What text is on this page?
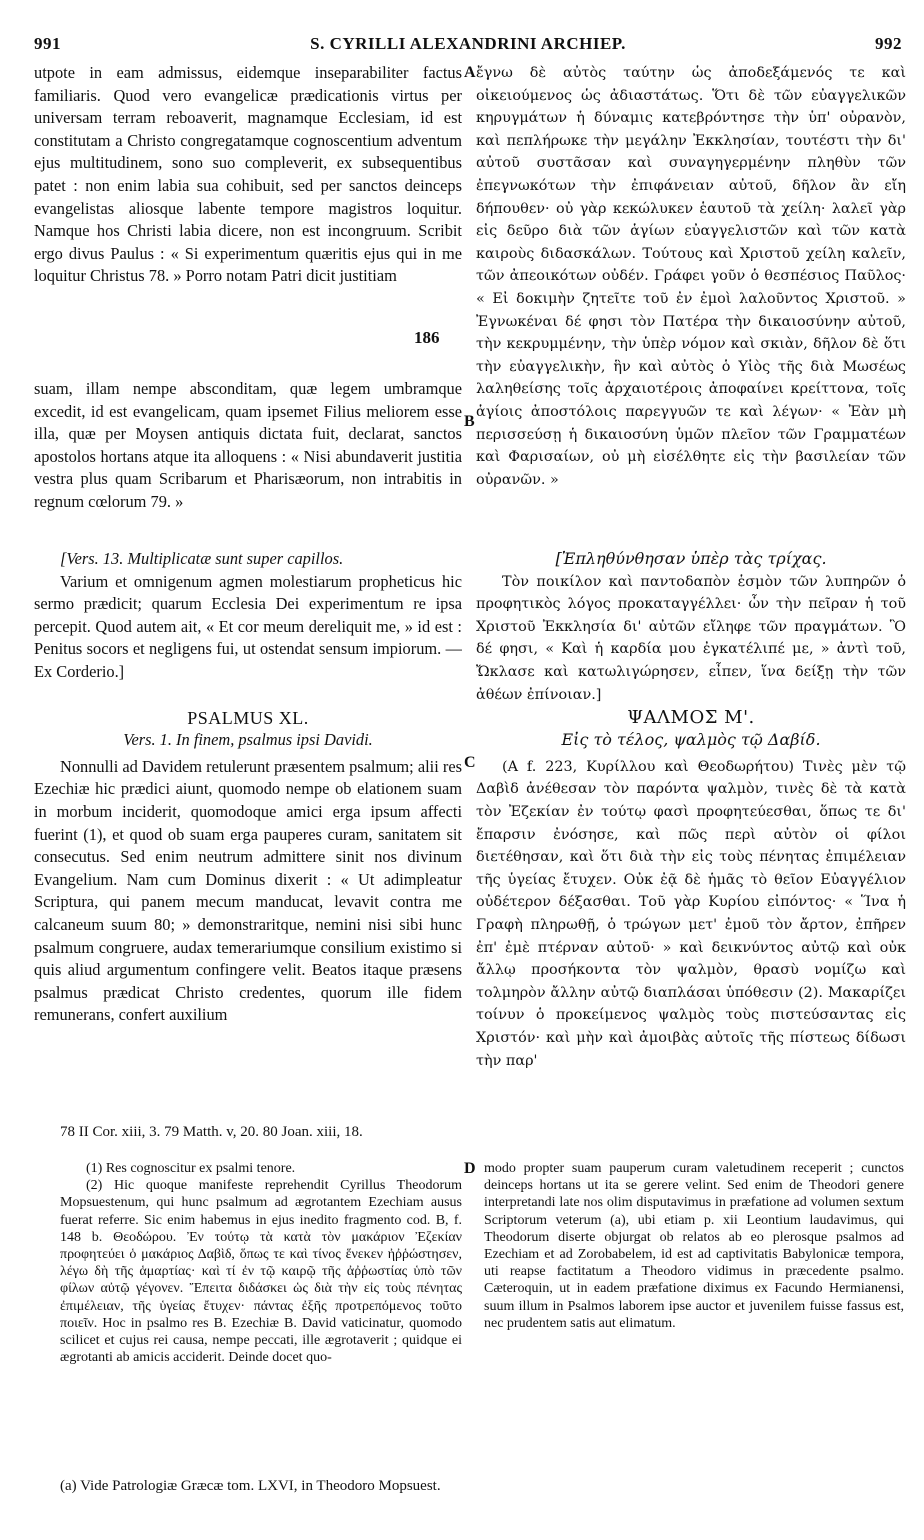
991	S. CYRILLI ALEXANDRINI ARCHIEP.	992

utpote in eam admissus, eidemque inseparabiliter factus familiaris. Quod vero evangelicæ prædicationis virtus per universam terram reboaverit, magnamque Ecclesiam, id est constitutam a Christo congregatamque cognoscentium adventum ejus multitudinem, sono suo compleverit, ex subsequentibus patet : non enim labia sua cohibuit, sed per sanctos deinceps evangelistas aliosque labente tempore magistros loquitur. Namque hos Christi labia dicere, non est incongruum. Scribit ergo divus Paulus : « Si experimentum quæritis ejus qui in me loquitur Christus 78. » Porro notam Patri dicit justitiam

suam, illam nempe absconditam, quæ legem umbramque excedit, id est evangelicam, quam ipsemet Filius meliorem esse illa, quæ per Moysen antiquis dictata fuit, declarat, sanctos apostolos hortans atque ita alloquens : « Nisi abundaverit justitia vestra plus quam Scribarum et Pharisæorum, non intrabitis in regnum cœlorum 79. »

[Vers. 13. Multiplicatæ sunt super capillos.

Varium et omnigenum agmen molestiarum propheticus hic sermo prædicit; quarum Ecclesia Dei experimentum re ipsa percepit. Quod autem ait, « Et cor meum dereliquit me, » id est : Penitus socors et negligens fui, ut ostendat sensum impiorum. — Ex Corderio.]

PSALMUS XL.

Vers. 1. In finem, psalmus ipsi Davidi.

Nonnulli ad Davidem retulerunt præsentem psalmum; alii res Ezechiæ hic prædici aiunt, quomodo nempe ob elationem suam in morbum inciderit, quomodoque amici erga ipsum affecti fuerint (1), et quod ob suam erga pauperes curam, sanitatem sit consecutus. Sed enim neutrum admittere sinit nos divinum Evangelium. Nam cum Dominus dixerit : « Ut adimpleatur Scriptura, qui panem mecum manducat, levavit contra me calcaneum suum 80; » demonstraritque, nemini nisi sibi hunc psalmum congruere, audax temerariumque consilium existimo si quis aliud argumentum confingere velit. Beatos itaque præsens psalmus prædicat Christo credentes, quorum ille fidem remunerans, confert auxilium

ἔγνω δὲ αὐτὸς ταύτην ὡς ἀποδεξάμενός τε καὶ οἰκειούμενος ὡς ἀδιαστάτως. Ὅτι δὲ τῶν εὐαγγελικῶν κηρυγμάτων ἡ δύναμις κατεβρόντησε τὴν ὑπ' οὐρανὸν, καὶ πεπλήρωκε τὴν μεγάλην Ἐκκλησίαν, τουτέστι τὴν δι' αὐτοῦ συστᾶσαν καὶ συναγηγερμένην πληθὺν τῶν ἐπεγνωκότων τὴν ἐπιφάνειαν αὐτοῦ, δῆλον ἂν εἴη δήπουθεν· οὐ γὰρ κεκώλυκεν ἑαυτοῦ τὰ χείλη· λαλεῖ γὰρ εἰς δεῦρο διὰ τῶν ἁγίων εὐαγγελιστῶν καὶ τῶν κατὰ καιροὺς διδασκάλων. Τούτους καὶ Χριστοῦ χείλη καλεῖν, τῶν ἀπεοικότων οὐδέν. Γράφει γοῦν ὁ θεσπέσιος Παῦλος· « Εἰ δοκιμὴν ζητεῖτε τοῦ ἐν ἐμοὶ λαλοῦντος Χριστοῦ. » Ἐγνωκέναι δέ φησι τὸν Πατέρα τὴν δικαιοσύνην αὐτοῦ, τὴν κεκρυμμένην, τὴν ὑπὲρ νόμον καὶ σκιὰν, δῆλον δὲ ὅτι τὴν εὐαγγελικὴν, ἣν καὶ αὐτὸς ὁ Υἱὸς τῆς διὰ Μωσέως λαληθείσης τοῖς ἀρχαιοτέροις ἀποφαίνει κρείττονα, τοῖς ἁγίοις ἀποστόλοις παρεγγυῶν τε καὶ λέγων· « Ἐὰν μὴ περισσεύσῃ ἡ δικαιοσύνη ὑμῶν πλεῖον τῶν Γραμματέων καὶ Φαρισαίων, οὐ μὴ εἰσέλθητε εἰς τὴν βασιλείαν τῶν οὐρανῶν. »

[Ἐπληθύνθησαν ὑπὲρ τὰς τρίχας.

Τὸν ποικίλον καὶ παντοδαπὸν ἑσμὸν τῶν λυπηρῶν ὁ προφητικὸς λόγος προκαταγγέλλει· ὧν τὴν πεῖραν ἡ τοῦ Χριστοῦ Ἐκκλησία δι' αὐτῶν εἴληφε τῶν πραγμάτων. Ὃ δέ φησι, « Καὶ ἡ καρδία μου ἐγκατέλιπέ με, » ἀντὶ τοῦ, Ὤκλασε καὶ κατωλιγώρησεν, εἶπεν, ἵνα δείξῃ τὴν τῶν ἀθέων ἐπίνοιαν.]

ΨΑΛΜΟΣ Μ'.

Εἰς τὸ τέλος, ψαλμὸς τῷ Δαβίδ.

(A f. 223, Κυρίλλου καὶ Θεοδωρήτου) Τινὲς μὲν τῷ Δαβὶδ ἀνέθεσαν τὸν παρόντα ψαλμὸν, τινὲς δὲ τὰ κατὰ τὸν Ἐζεκίαν ἐν τούτῳ φασὶ προφητεύεσθαι, ὅπως τε δι' ἔπαρσιν ἐνόσησε, καὶ πῶς περὶ αὐτὸν οἱ φίλοι διετέθησαν, καὶ ὅτι διὰ τὴν εἰς τοὺς πένητας ἐπιμέλειαν τῆς ὑγείας ἔτυχεν. Οὐκ ἐᾷ δὲ ἡμᾶς τὸ θεῖον Εὐαγγέλιον οὐδέτερον δέξασθαι. Τοῦ γὰρ Κυρίου εἰπόντος· « Ἵνα ἡ Γραφὴ πληρωθῇ, ὁ τρώγων μετ' ἐμοῦ τὸν ἄρτον, ἐπῆρεν ἐπ' ἐμὲ πτέρναν αὐτοῦ· » καὶ δεικνύντος αὐτῷ καὶ οὐκ ἄλλῳ προσήκοντα τὸν ψαλμὸν, θρασὺ νομίζω καὶ τολμηρὸν ἄλλην αὐτῷ διαπλάσαι ὑπόθεσιν (2). Μακαρίζει τοίνυν ὁ προκείμενος ψαλμὸς τοὺς πιστεύσαντας εἰς Χριστόν· καὶ μὴν καὶ ἀμοιβὰς αὐτοῖς τῆς πίστεως δίδωσι τὴν παρ'

A
B
C
D
186
78 II Cor. xiii, 3. 79 Matth. v, 20. 80 Joan. xiii, 18.

(1) Res cognoscitur ex psalmi tenore.

(2) Hic quoque manifeste reprehendit Cyrillus Theodorum Mopsuestenum, qui hunc psalmum ad ægrotantem Ezechiam ausus fuerat referre. Sic enim habemus in ejus inedito fragmento cod. B, f. 148 b. Θεοδώρου. Ἐν τούτῳ τὰ κατὰ τὸν μακάριον Ἐζεκίαν προφητεύει ὁ μακάριος Δαβὶδ, ὅπως τε καὶ τίνος ἕνεκεν ἠῤῥώστησεν, λέγω δὴ τῆς ἁμαρτίας· καὶ τί ἐν τῷ καιρῷ τῆς ἀῤῥωστίας ὑπὸ τῶν φίλων αὐτῷ γέγονεν. Ἔπειτα διδάσκει ὡς διὰ τὴν εἰς τοὺς πένητας ἐπιμέλειαν, τῆς ὑγείας ἔτυχεν· πάντας ἐξῆς προτρεπόμενος τοῦτο ποιεῖν. Hoc in psalmo res B. Ezechiæ B. David vaticinatur, quomodo scilicet et cujus rei causa, nempe peccati, ille ægrotaverit ; quidque ei ægrotanti ab amicis acciderit. Deinde docet quo-

modo propter suam pauperum curam valetudinem receperit ; cunctos deinceps hortans ut ita se gerere velint. Sed enim de Theodori genere interpretandi late nos olim disputavimus in præfatione ad volumen sextum Scriptorum veterum (a), ubi etiam p. xii Leontium laudavimus, qui Theodorum diserte objurgat ob relatos ab eo plerosque psalmos ad Ezechiam et ad Zorobabelem, id est ad captivitatis Babylonicæ tempora, uti reapse factitatum a Theodoro vidimus in præcedente psalmo. Cæteroquin, ut in eadem præfatione diximus ex Facundo Hermianensi, suum illum in Psalmos laborem ipse auctor et juvenilem fuisse fassus est, nec prudentem satis aut elimatum.

(a) Vide Patrologiæ Græcæ tom. LXVI, in Theodoro Mopsuest.
